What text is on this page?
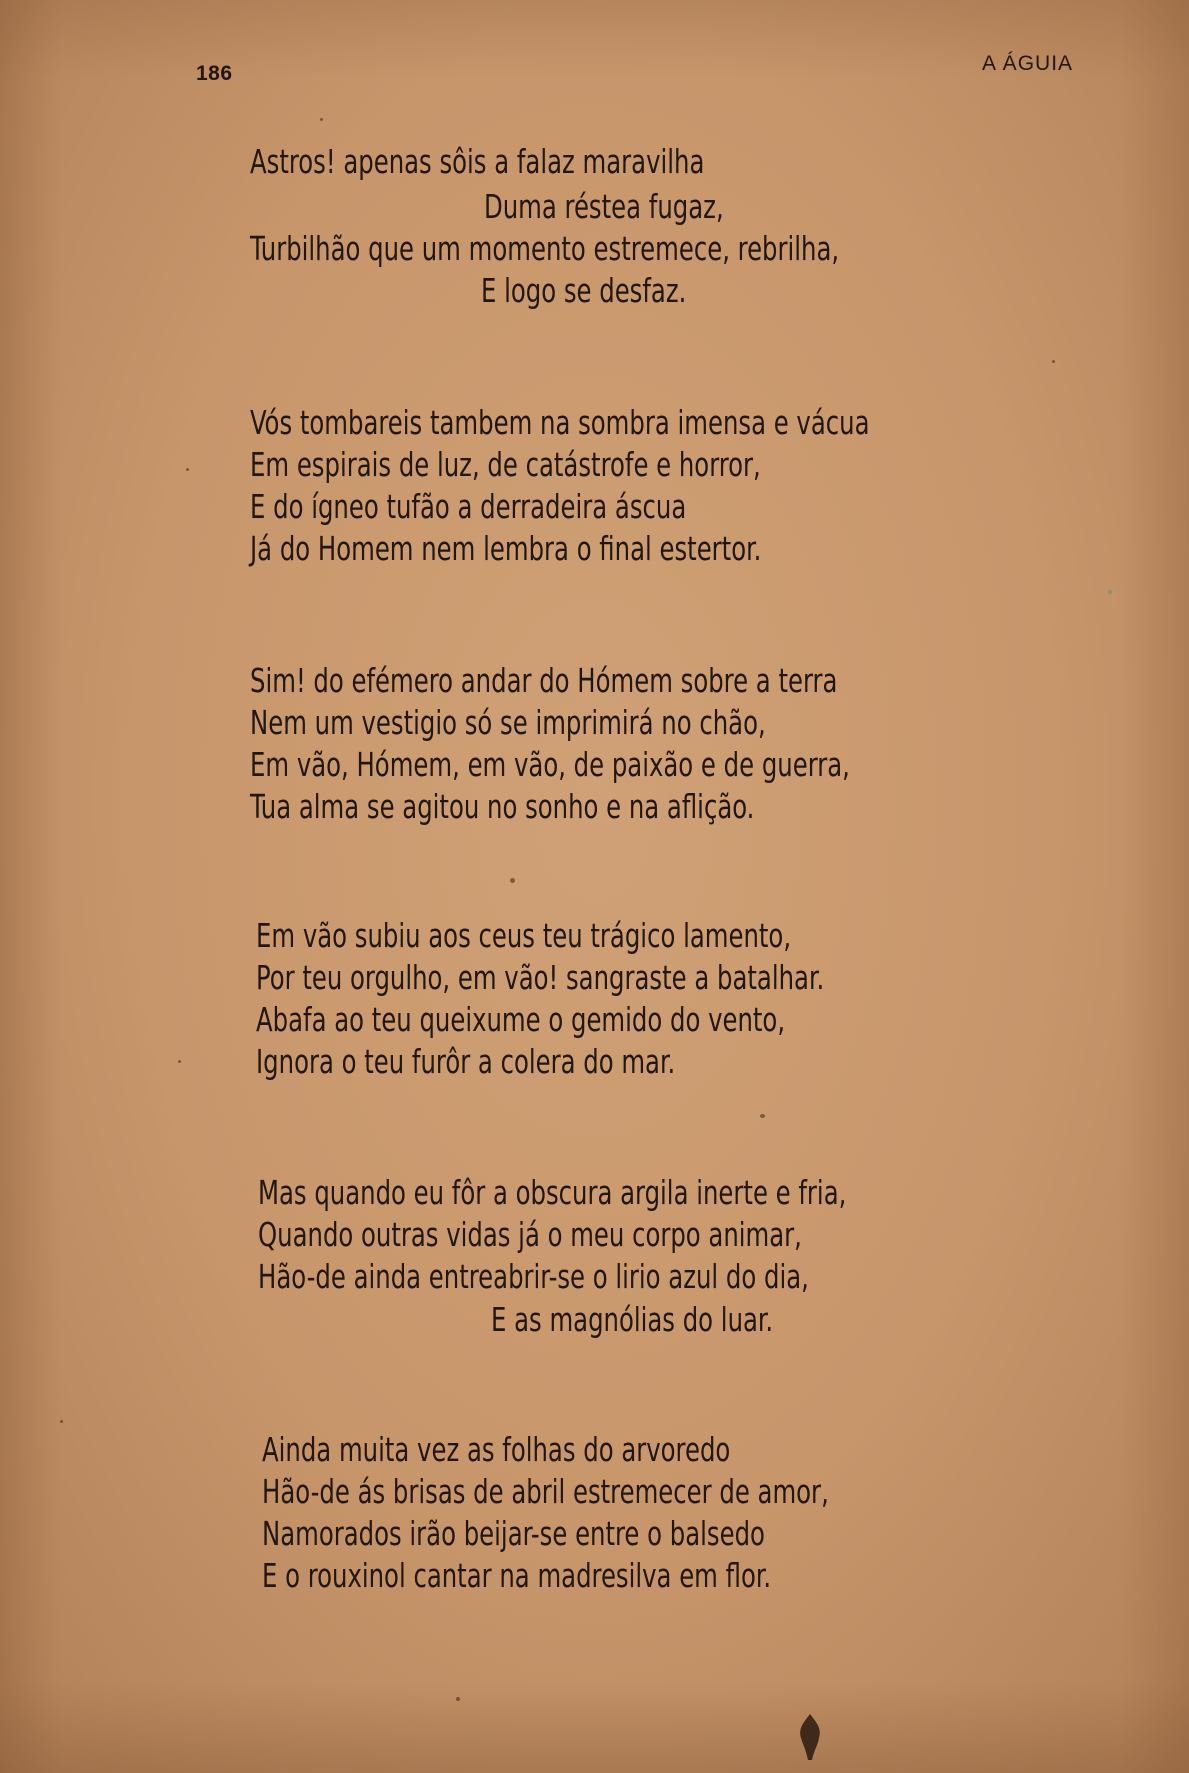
186	A ÁGUIA
Astros! apenas sôis a falaz maravilha
Duma réstea fugaz,
Turbilhão que um momento estremece, rebrilha,
E logo se desfaz.
Vós tombareis tambem na sombra imensa e vácua
Em espirais de luz, de catástrofe e horror,
E do ígneo tufão a derradeira áscua
Já do Homem nem lembra o final estertor.
Sim! do efémero andar do Hómem sobre a terra
Nem um vestigio só se imprimirá no chão,
Em vão, Hómem, em vão, de paixão e de guerra,
Tua alma se agitou no sonho e na aflição.
Em vão subiu aos ceus teu trágico lamento,
Por teu orgulho, em vão! sangraste a batalhar.
Abafa ao teu queixume o gemido do vento,
Ignora o teu furôr a colera do mar.
Mas quando eu fôr a obscura argila inerte e fria,
Quando outras vidas já o meu corpo animar,
Hão-de ainda entreabrir-se o lirio azul do dia,
E as magnólias do luar.
Ainda muita vez as folhas do arvoredo
Hão-de ás brisas de abril estremecer de amor,
Namorados irão beijar-se entre o balsedo
E o rouxinol cantar na madresilva em flor.
